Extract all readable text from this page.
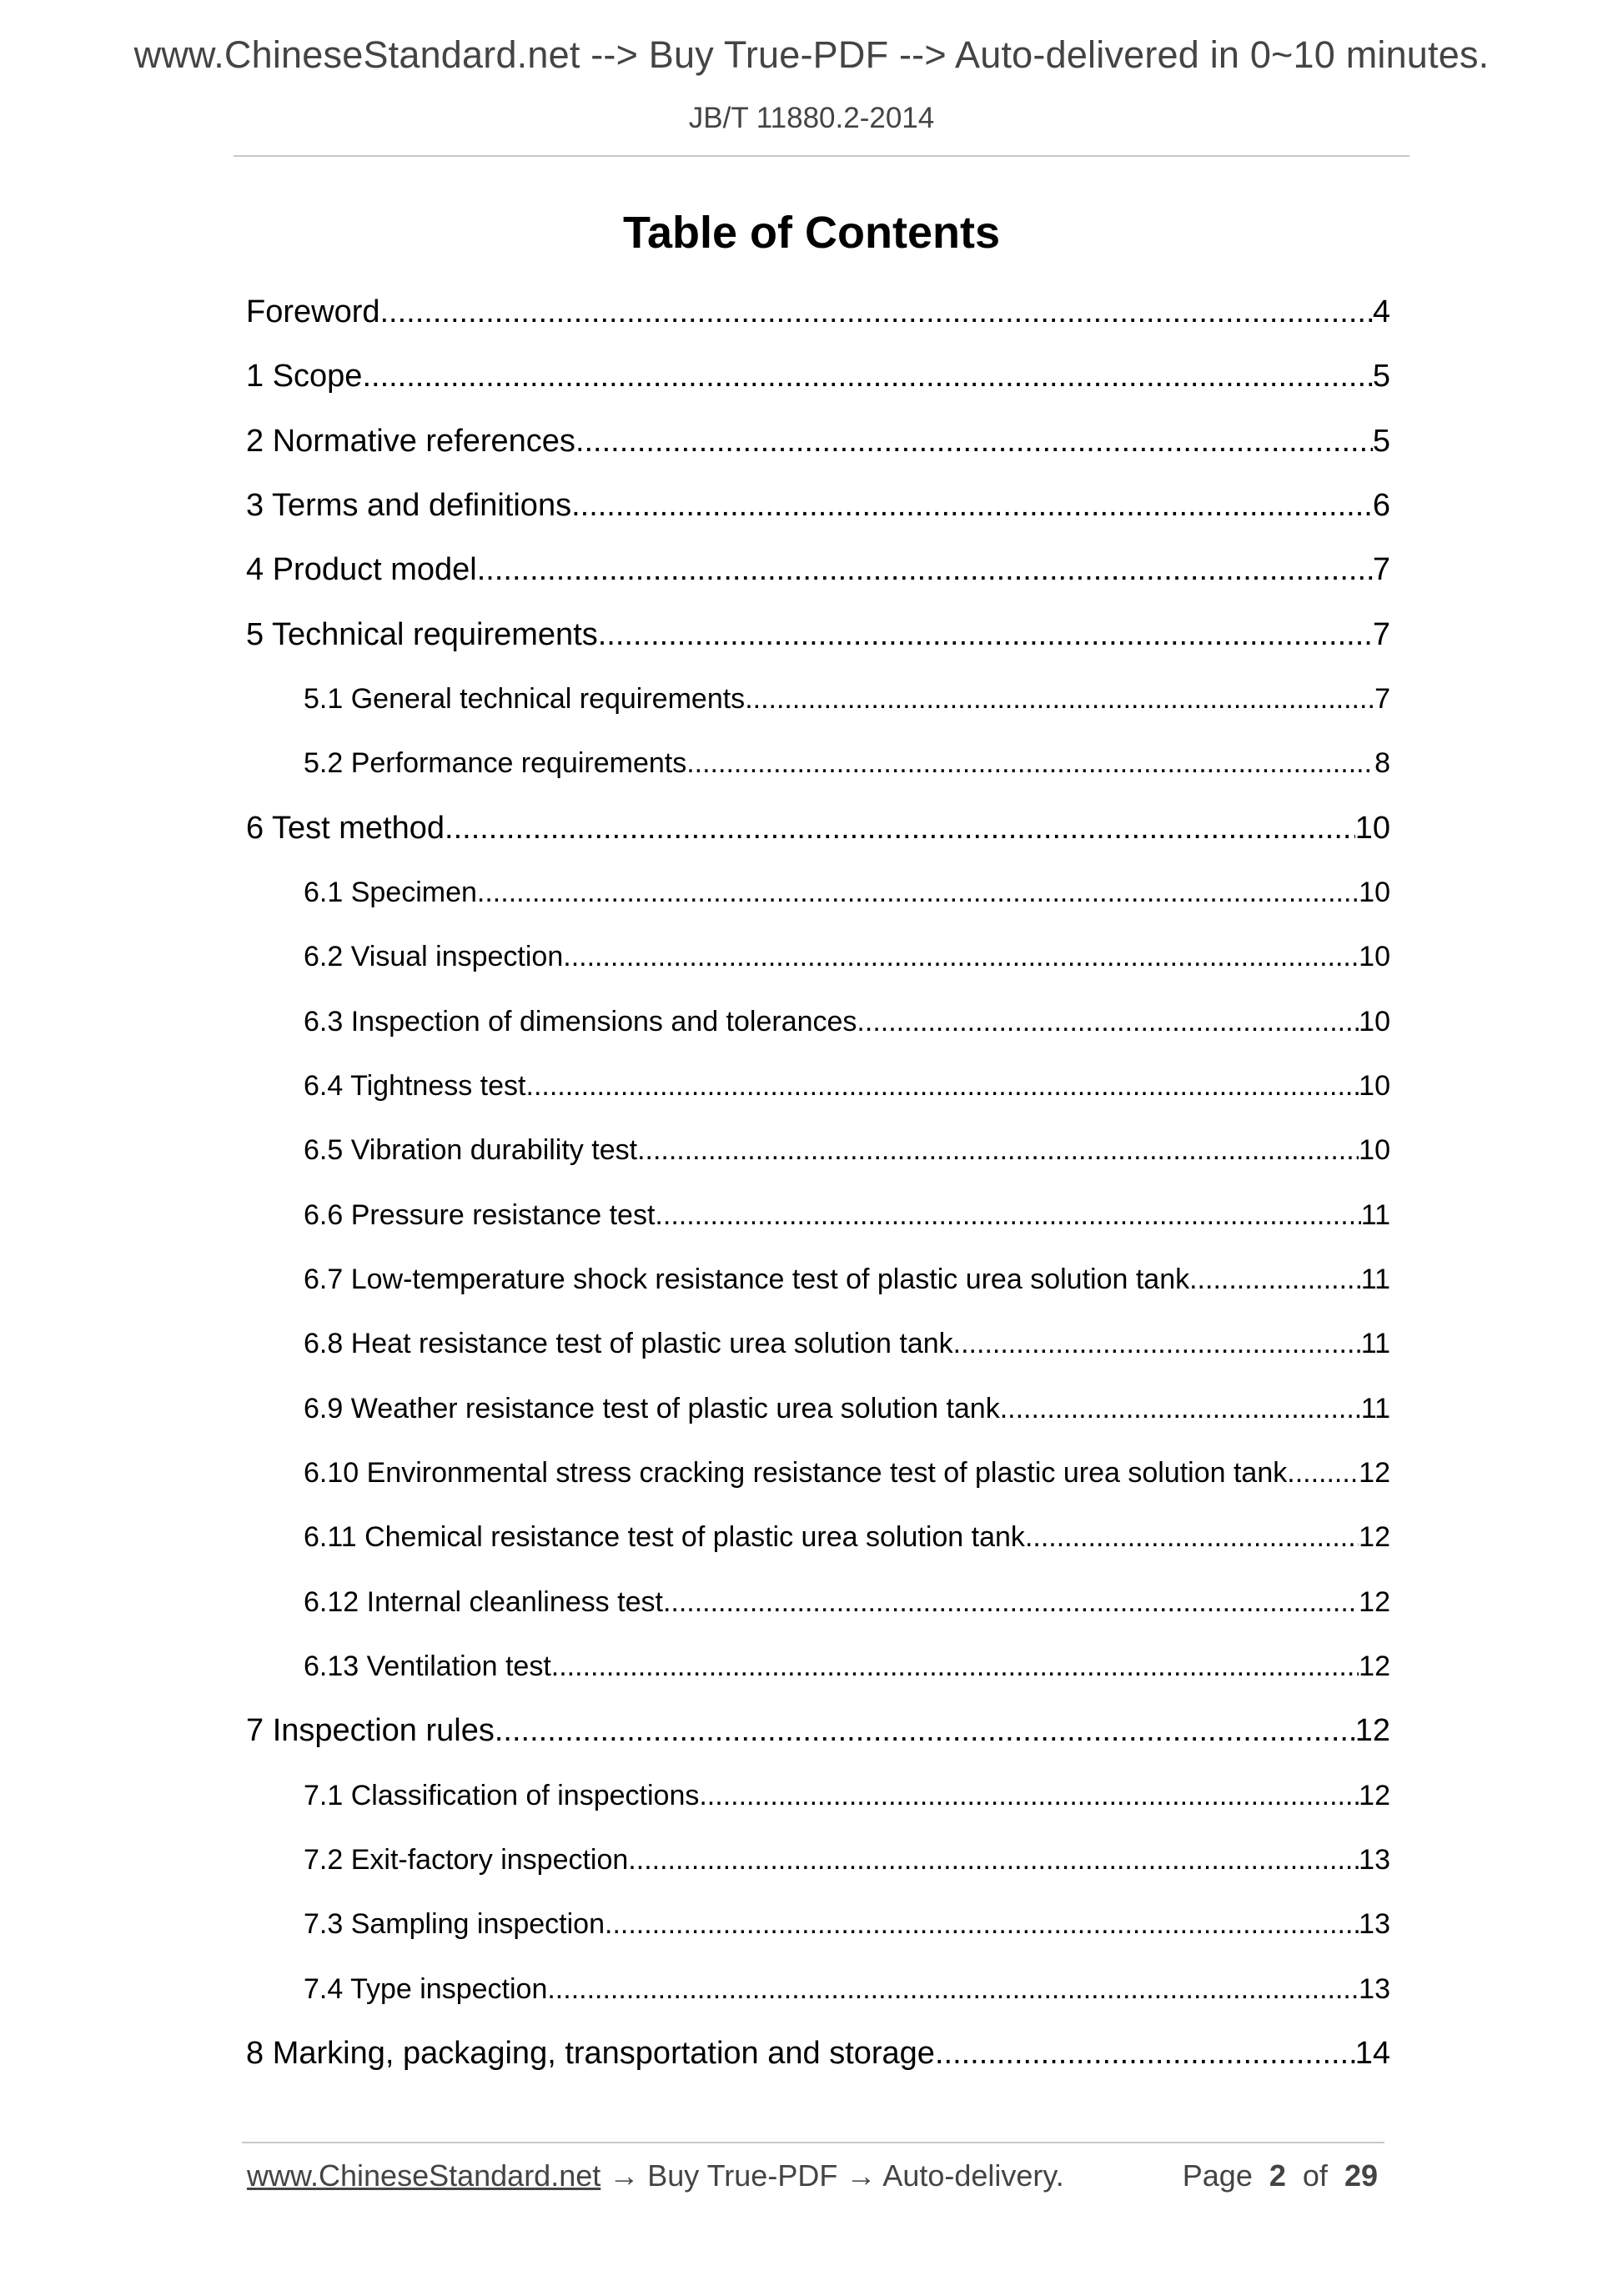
www.ChineseStandard.net --> Buy True-PDF --> Auto-delivered in 0~10 minutes.
JB/T 11880.2-2014
Table of Contents
Foreword .....	4
1 Scope .....	5
2 Normative references .....	5
3 Terms and definitions .....	6
4 Product model .....	7
5 Technical requirements .....	7
5.1 General technical requirements .....	7
5.2 Performance requirements .....	8
6 Test method .....	10
6.1 Specimen .....	10
6.2 Visual inspection .....	10
6.3 Inspection of dimensions and tolerances .....	10
6.4 Tightness test .....	10
6.5 Vibration durability test .....	10
6.6 Pressure resistance test .....	11
6.7 Low-temperature shock resistance test of plastic urea solution tank .....	11
6.8 Heat resistance test of plastic urea solution tank .....	11
6.9 Weather resistance test of plastic urea solution tank. .....	11
6.10 Environmental stress cracking resistance test of plastic urea solution tank .....	12
6.11 Chemical resistance test of plastic urea solution tank .....	12
6.12 Internal cleanliness test .....	12
6.13 Ventilation test .....	12
7 Inspection rules .....	12
7.1 Classification of inspections .....	12
7.2 Exit-factory inspection .....	13
7.3 Sampling inspection .....	13
7.4 Type inspection .....	13
8 Marking, packaging, transportation and storage .....	14
www.ChineseStandard.net → Buy True-PDF → Auto-delivery.	Page 2 of 29
